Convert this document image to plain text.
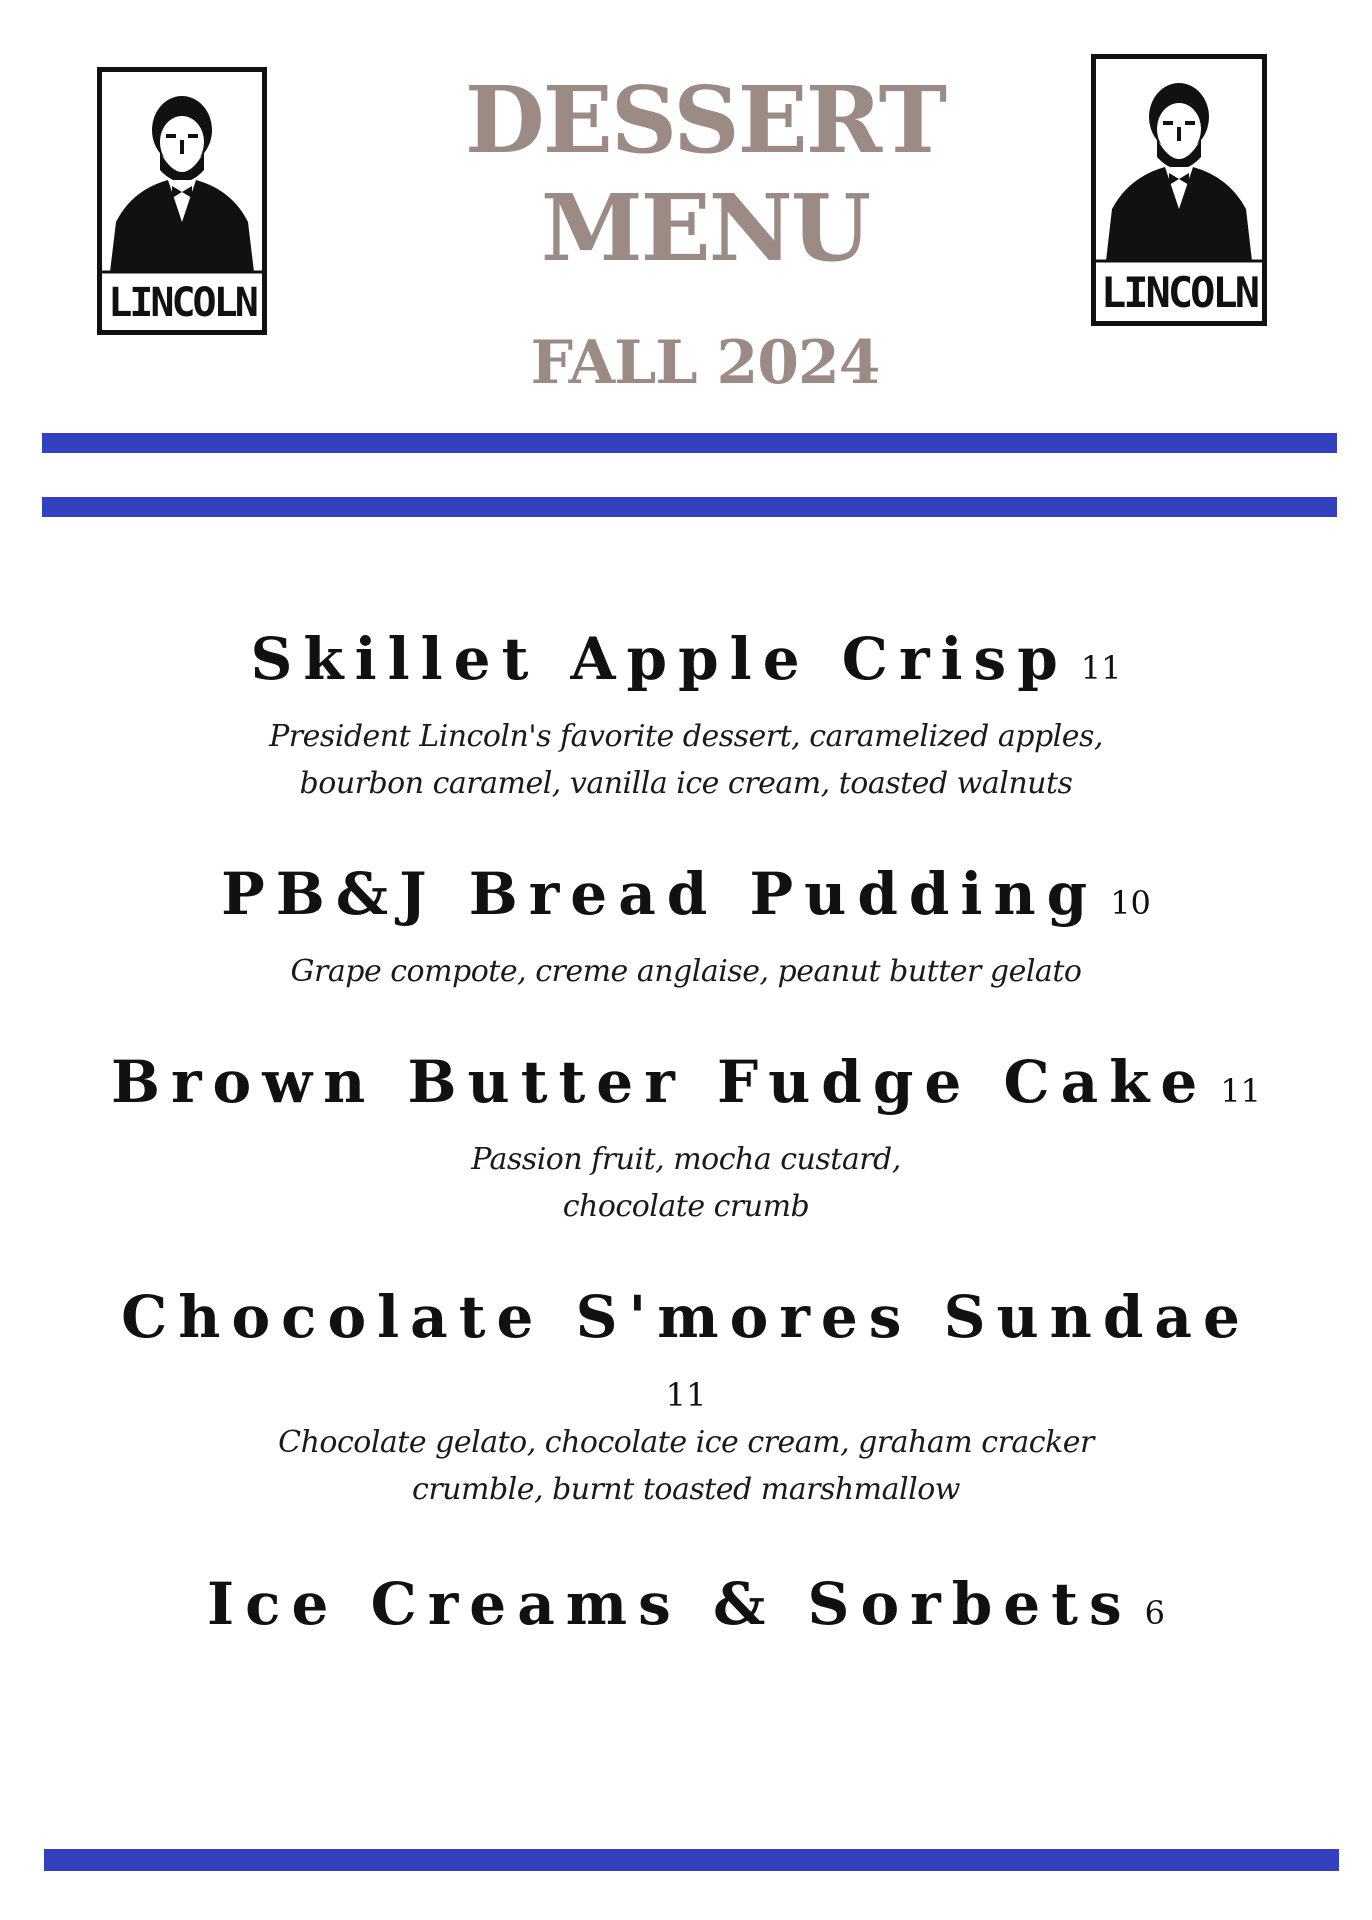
LINCOLN	LINCOLN
DESSERT
MENU
FALL 2024
Skillet Apple Crisp 11
President Lincoln's favorite dessert, caramelized apples,
bourbon caramel, vanilla ice cream, toasted walnuts
PB&J Bread Pudding 10
Grape compote, creme anglaise, peanut butter gelato
Brown Butter Fudge Cake 11
Passion fruit, mocha custard,
chocolate crumb
Chocolate S'mores Sundae
11
Chocolate gelato, chocolate ice cream, graham cracker
crumble, burnt toasted marshmallow
Ice Creams & Sorbets 6
